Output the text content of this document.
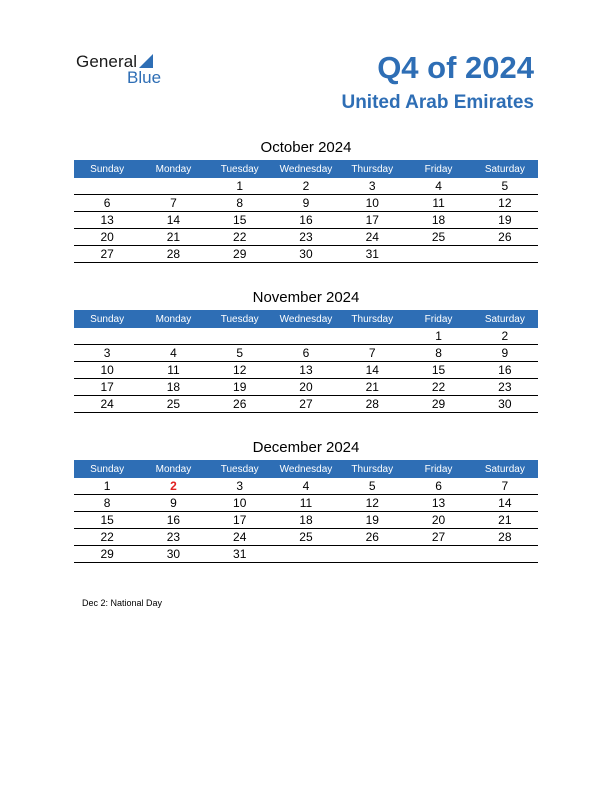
General
Blue	Q4 of 2024
United Arab Emirates
October 2024
Sunday	Monday	Tuesday	Wednesday	Thursday	Friday	Saturday
		1	2	3	4	5
6	7	8	9	10	11	12
13	14	15	16	17	18	19
20	21	22	23	24	25	26
27	28	29	30	31		
November 2024
Sunday	Monday	Tuesday	Wednesday	Thursday	Friday	Saturday
					1	2
3	4	5	6	7	8	9
10	11	12	13	14	15	16
17	18	19	20	21	22	23
24	25	26	27	28	29	30
December 2024
Sunday	Monday	Tuesday	Wednesday	Thursday	Friday	Saturday
1	2	3	4	5	6	7
8	9	10	11	12	13	14
15	16	17	18	19	20	21
22	23	24	25	26	27	28
29	30	31				
Dec 2: National Day
